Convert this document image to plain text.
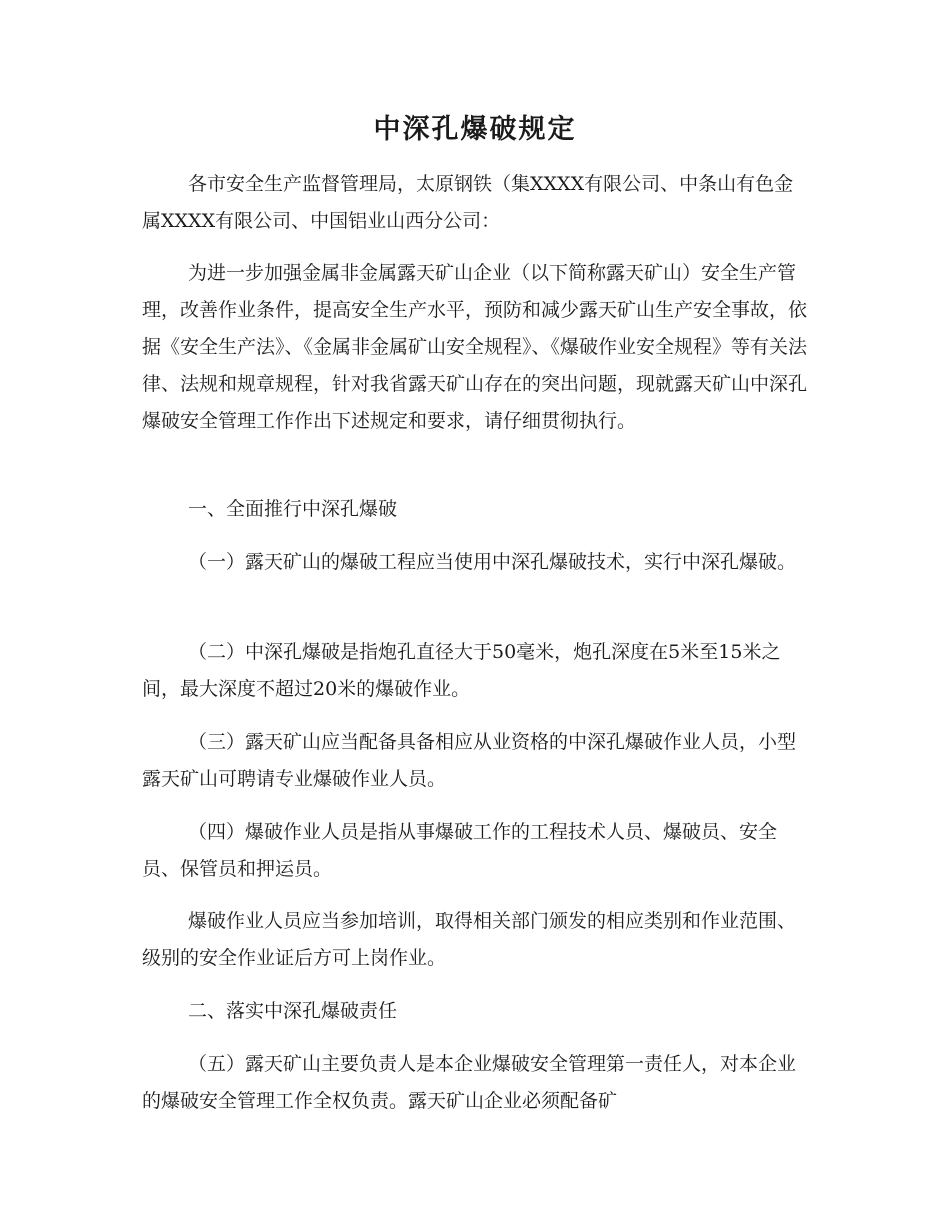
中深孔爆破规定

各市安全生产监督管理局，太原钢铁（集XXXX有限公司、中条山有色金属XXXX有限公司、中国铝业山西分公司：

为进一步加强金属非金属露天矿山企业（以下简称露天矿山）安全生产管理，改善作业条件，提高安全生产水平，预防和减少露天矿山生产安全事故，依据《安全生产法》、《金属非金属矿山安全规程》、《爆破作业安全规程》等有关法律、法规和规章规程，针对我省露天矿山存在的突出问题，现就露天矿山中深孔爆破安全管理工作作出下述规定和要求，请仔细贯彻执行。

一、全面推行中深孔爆破

（一）露天矿山的爆破工程应当使用中深孔爆破技术，实行中深孔爆破。

（二）中深孔爆破是指炮孔直径大于50毫米，炮孔深度在5米至15米之间，最大深度不超过20米的爆破作业。

（三）露天矿山应当配备具备相应从业资格的中深孔爆破作业人员，小型露天矿山可聘请专业爆破作业人员。

（四）爆破作业人员是指从事爆破工作的工程技术人员、爆破员、安全员、保管员和押运员。

爆破作业人员应当参加培训，取得相关部门颁发的相应类别和作业范围、级别的安全作业证后方可上岗作业。

二、落实中深孔爆破责任

（五）露天矿山主要负责人是本企业爆破安全管理第一责任人，对本企业的爆破安全管理工作全权负责。露天矿山企业必须配备矿
